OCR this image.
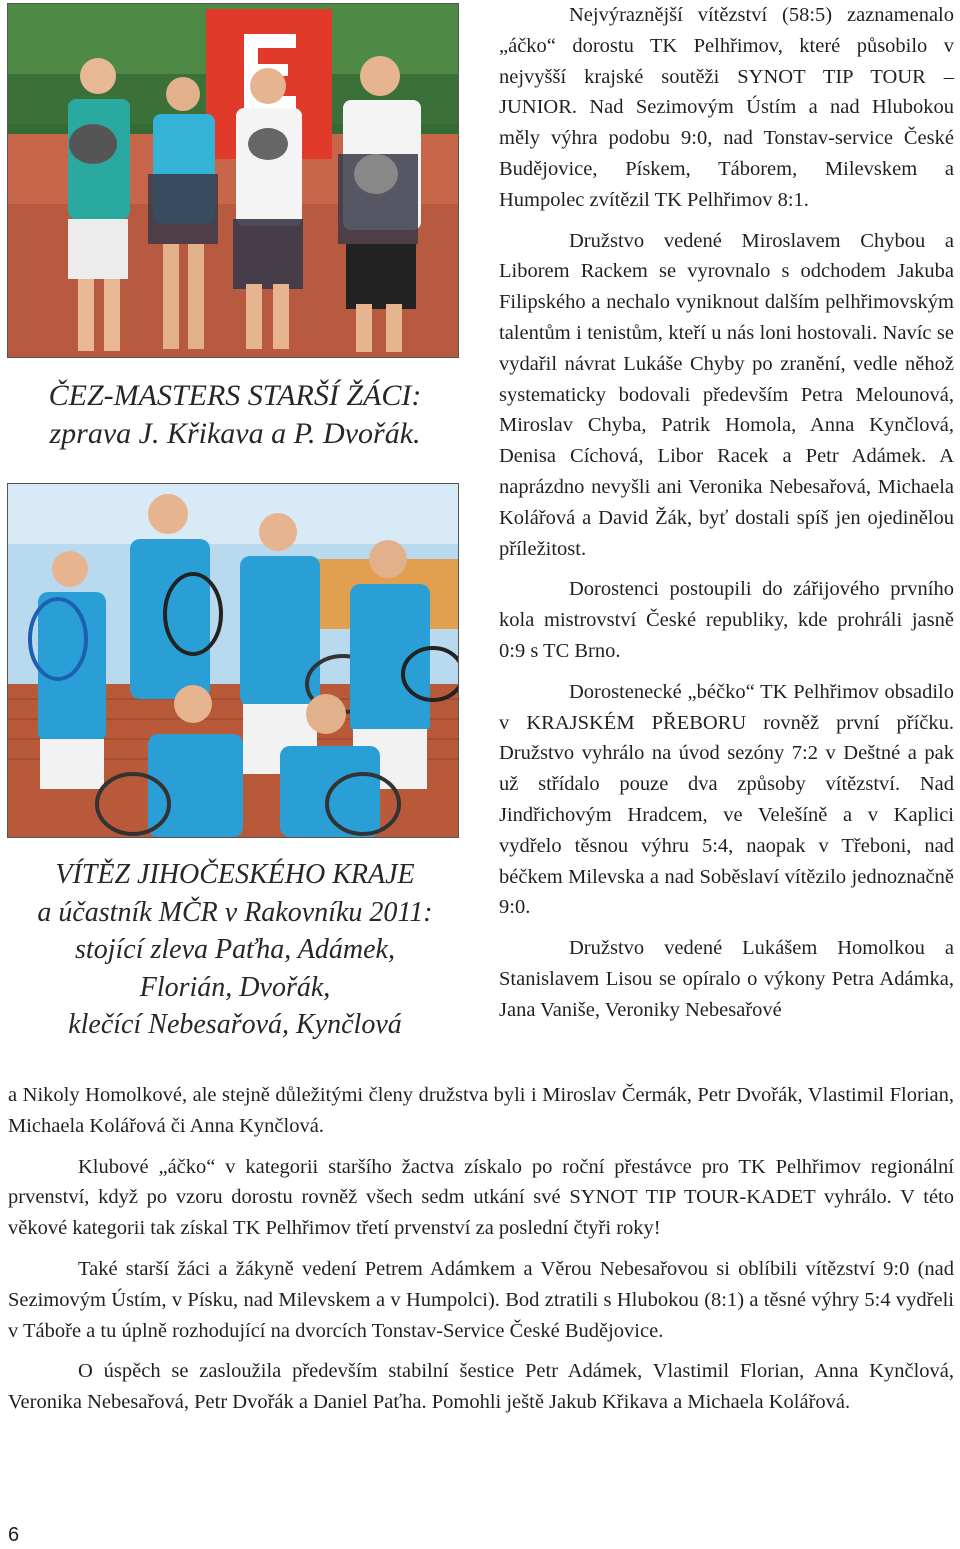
ČEZ-MASTERS STARŠÍ ŽÁCI:
zprava J. Křikava a P. Dvořák.
VÍTĚZ JIHOČESKÉHO KRAJE
a účastník MČR v Rakovníku 2011:
stojící zleva Paťha, Adámek,
Florián, Dvořák,
klečící Nebesařová, Kynčlová

Nejvýraznější vítězství (58:5) zaznamenalo „áčko“ dorostu TK Pelhřimov, které působilo v nejvyšší krajské soutěži SYNOT TIP TOUR – JUNIOR. Nad Sezimovým Ústím a nad Hlubokou měly výhra podobu 9:0, nad Tonstav-service České Budějovice, Pískem, Táborem, Milevskem a Humpolec zvítězil TK Pelhřimov 8:1.

Družstvo vedené Miroslavem Chybou a Liborem Rackem se vyrovnalo s odchodem Jakuba Filipského a nechalo vyniknout dalším pelhřimovským talentům i tenistům, kteří u nás loni hostovali. Navíc se vydařil návrat Lukáše Chyby po zranění, vedle něhož systematicky bodovali především Petra Melounová, Miroslav Chyba, Patrik Homola, Anna Kynčlová, Denisa Cíchová, Libor Racek a Petr Adámek. A naprázdno nevyšli ani Veronika Nebesařová, Michaela Kolářová a David Žák, byť dostali spíš jen ojedinělou příležitost.

Dorostenci postoupili do zářijového prvního kola mistrovství České republiky, kde prohráli jasně 0:9 s TC Brno.

Dorostenecké „béčko“ TK Pelhřimov obsadilo v KRAJSKÉM PŘEBORU rovněž první příčku. Družstvo vyhrálo na úvod sezóny 7:2 v Deštné a pak už střídalo pouze dva způsoby vítězství. Nad Jindřichovým Hradcem, ve Velešíně a v Kaplici vydřelo těsnou výhru 5:4, naopak v Třeboni, nad béčkem Milevska a nad Soběslaví vítězilo jednoznačně 9:0.

Družstvo vedené Lukášem Homolkou a Stanislavem Lisou se opíralo o výkony Petra Adámka, Jana Vaniše, Veroniky Nebesařové

a Nikoly Homolkové, ale stejně důležitými členy družstva byli i Miroslav Čermák, Petr Dvořák, Vlastimil Florian, Michaela Kolářová či Anna Kynčlová.

Klubové „áčko“ v kategorii staršího žactva získalo po roční přestávce pro TK Pelhřimov regionální prvenství, když po vzoru dorostu rovněž všech sedm utkání své SYNOT TIP TOUR-KADET vyhrálo. V této věkové kategorii tak získal TK Pelhřimov třetí prvenství za poslední čtyři roky!

Také starší žáci a žákyně vedení Petrem Adámkem a Věrou Nebesařovou si oblíbili vítězství 9:0 (nad Sezimovým Ústím, v Písku, nad Milevskem a v Humpolci). Bod ztratili s Hlubokou (8:1) a těsné výhry 5:4 vydřeli v Táboře a tu úplně rozhodující na dvorcích Tonstav-Service České Budějovice.

O úspěch se zasloužila především stabilní šestice Petr Adámek, Vlastimil Florian, Anna Kynčlová, Veronika Nebesařová, Petr Dvořák a Daniel Paťha. Pomohli ještě Jakub Křikava a Michaela Kolářová.

6
